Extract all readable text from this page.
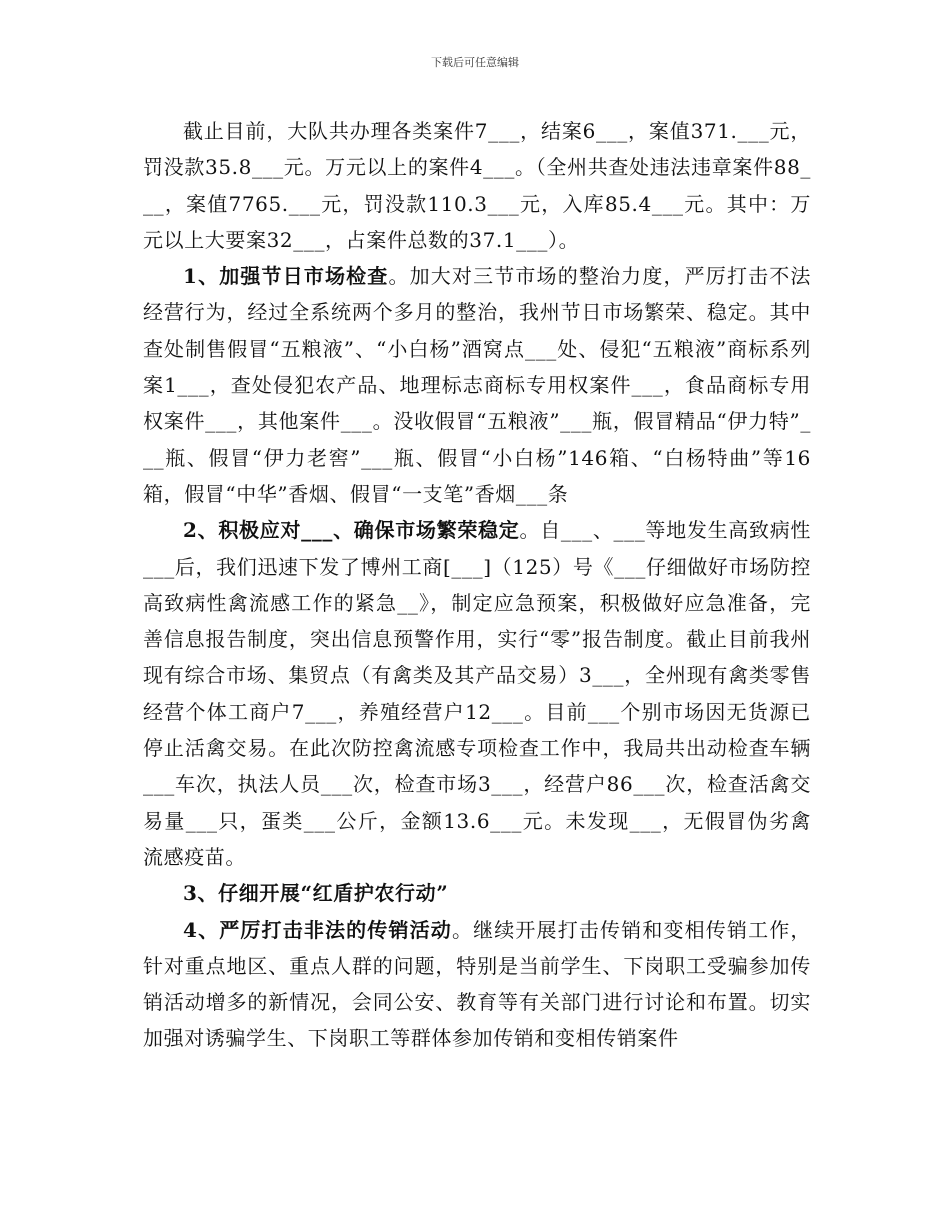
下载后可任意编辑

截止目前，大队共办理各类案件7___，结案6___，案值371.___元，罚没款35.8___元。万元以上的案件4___。（全州共查处违法违章案件88___，案值7765.___元，罚没款110.3___元，入库85.4___元。其中：万元以上大要案32___，占案件总数的37.1___）。

1、加强节日市场检查。加大对三节市场的整治力度，严厉打击不法经营行为，经过全系统两个多月的整治，我州节日市场繁荣、稳定。其中查处制售假冒“五粮液”、“小白杨”酒窝点___处、侵犯“五粮液”商标系列案1___，查处侵犯农产品、地理标志商标专用权案件___，食品商标专用权案件___，其他案件___。没收假冒“五粮液”___瓶，假冒精品“伊力特”___瓶、假冒“伊力老窖”___瓶、假冒“小白杨”146箱、“白杨特曲”等16箱，假冒“中华”香烟、假冒“一支笔”香烟___条

2、积极应对___、确保市场繁荣稳定。自___、___等地发生高致病性___后，我们迅速下发了博州工商[___]（125）号《___仔细做好市场防控高致病性禽流感工作的紧急__》，制定应急预案，积极做好应急准备，完善信息报告制度，突出信息预警作用，实行“零”报告制度。截止目前我州现有综合市场、集贸点（有禽类及其产品交易）3___，全州现有禽类零售经营个体工商户7___，养殖经营户12___。目前___个别市场因无货源已停止活禽交易。在此次防控禽流感专项检查工作中，我局共出动检查车辆___车次，执法人员___次，检查市场3___，经营户86___次，检查活禽交易量___只，蛋类___公斤，金额13.6___元。未发现___，无假冒伪劣禽流感疫苗。

3、仔细开展“红盾护农行动”

4、严厉打击非法的传销活动。继续开展打击传销和变相传销工作，针对重点地区、重点人群的问题，特别是当前学生、下岗职工受骗参加传销活动增多的新情况，会同公安、教育等有关部门进行讨论和布置。切实加强对诱骗学生、下岗职工等群体参加传销和变相传销案件
